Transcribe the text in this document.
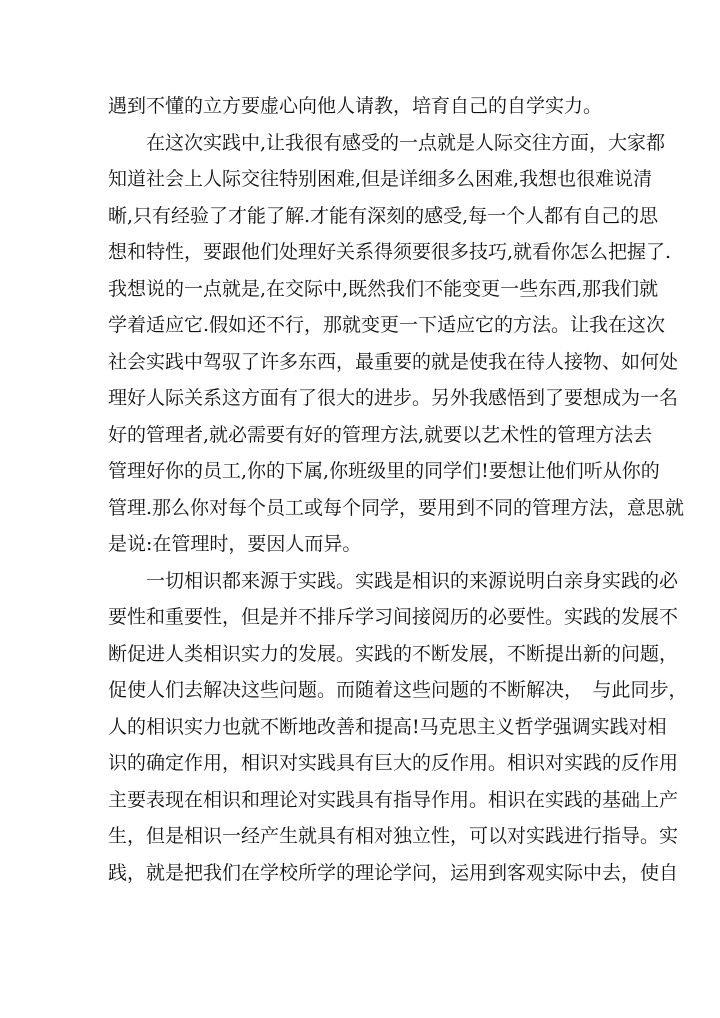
遇到不懂的立方要虚心向他人请教，培育自己的自学实力。
　　在这次实践中,让我很有感受的一点就是人际交往方面，大家都
知道社会上人际交往特别困难,但是详细多么困难,我想也很难说清
晰,只有经验了才能了解.才能有深刻的感受,每一个人都有自己的思
想和特性，要跟他们处理好关系得须要很多技巧,就看你怎么把握了.
我想说的一点就是,在交际中,既然我们不能变更一些东西,那我们就
学着适应它.假如还不行，那就变更一下适应它的方法。让我在这次
社会实践中驾驭了许多东西，最重要的就是使我在待人接物、如何处
理好人际关系这方面有了很大的进步。另外我感悟到了要想成为一名
好的管理者,就必需要有好的管理方法,就要以艺术性的管理方法去
管理好你的员工,你的下属,你班级里的同学们!要想让他们听从你的
管理.那么你对每个员工或每个同学，要用到不同的管理方法，意思就
是说:在管理时，要因人而异。
　　一切相识都来源于实践。实践是相识的来源说明白亲身实践的必
要性和重要性，但是并不排斥学习间接阅历的必要性。实践的发展不
断促进人类相识实力的发展。实践的不断发展，不断提出新的问题，
促使人们去解决这些问题。而随着这些问题的不断解决，　与此同步，
人的相识实力也就不断地改善和提高!马克思主义哲学强调实践对相
识的确定作用，相识对实践具有巨大的反作用。相识对实践的反作用
主要表现在相识和理论对实践具有指导作用。相识在实践的基础上产
生，但是相识一经产生就具有相对独立性，可以对实践进行指导。实
践，就是把我们在学校所学的理论学问，运用到客观实际中去，使自
